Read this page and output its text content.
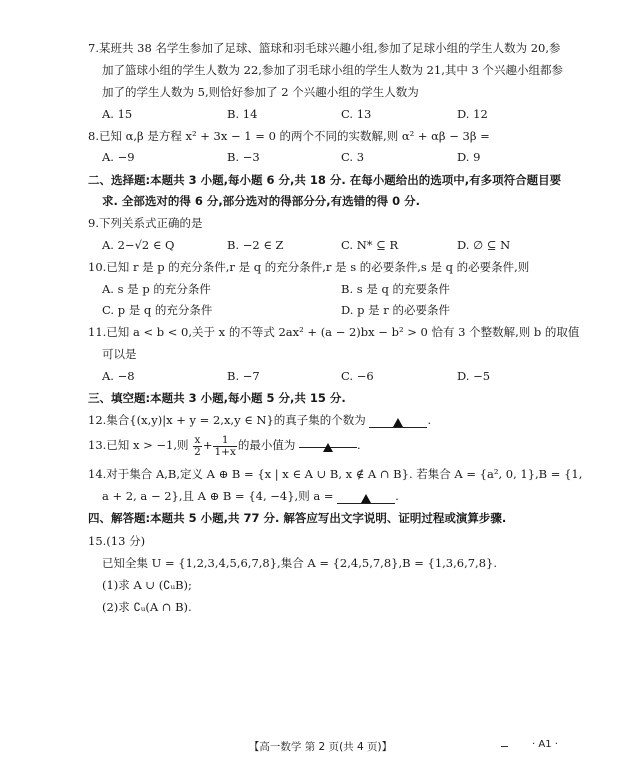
7.某班共 38 名学生参加了足球、篮球和羽毛球兴趣小组,参加了足球小组的学生人数为 20,参
加了篮球小组的学生人数为 22,参加了羽毛球小组的学生人数为 21,其中 3 个兴趣小组都参
加了的学生人数为 5,则恰好参加了 2 个兴趣小组的学生人数为
A. 15	B. 14	C. 13	D. 12
8.已知 α,β 是方程 x² + 3x − 1 = 0 的两个不同的实数解,则 α² + αβ − 3β =
A. −9	B. −3	C. 3	D. 9
二、选择题:本题共 3 小题,每小题 6 分,共 18 分. 在每小题给出的选项中,有多项符合题目要
求. 全部选对的得 6 分,部分选对的得部分分,有选错的得 0 分.
9.下列关系式正确的是
A. 2−√2 ∈ Q	B. −2 ∈ Z	C. N* ⊆ R	D. ∅ ⊆ N
10.已知 r 是 p 的充分条件,r 是 q 的充分条件,r 是 s 的必要条件,s 是 q 的必要条件,则
A. s 是 p 的充分条件	B. s 是 q 的充要条件
C. p 是 q 的充分条件	D. p 是 r 的必要条件
11.已知 a < b < 0,关于 x 的不等式 2ax² + (a − 2)bx − b² > 0 恰有 3 个整数解,则 b 的取值
可以是
A. −8	B. −7	C. −6	D. −5
三、填空题:本题共 3 小题,每小题 5 分,共 15 分.
12.集合{(x,y)|x + y = 2,x,y ∈ N}的真子集的个数为	.
13.已知 x > −1,则 $\frac{x}{2} + \frac{1}{1+x}$ 的最小值为	.
14.对于集合 A,B,定义 A ⊕ B = {x | x ∈ A ∪ B, x ∉ A ∩ B}. 若集合 A = {a², 0, 1},B = {1,
a + 2, a − 2},且 A ⊕ B = {4, −4},则 a =	.
四、解答题:本题共 5 小题,共 77 分. 解答应写出文字说明、证明过程或演算步骤.
15.(13 分)
已知全集 U = {1,2,3,4,5,6,7,8},集合 A = {2,4,5,7,8},B = {1,3,6,7,8}.
(1)求 A ∪ (∁ᵤB);
(2)求 ∁ᵤ(A ∩ B).
【高一数学 第 2 页(共 4 页)】	· A1 ·
